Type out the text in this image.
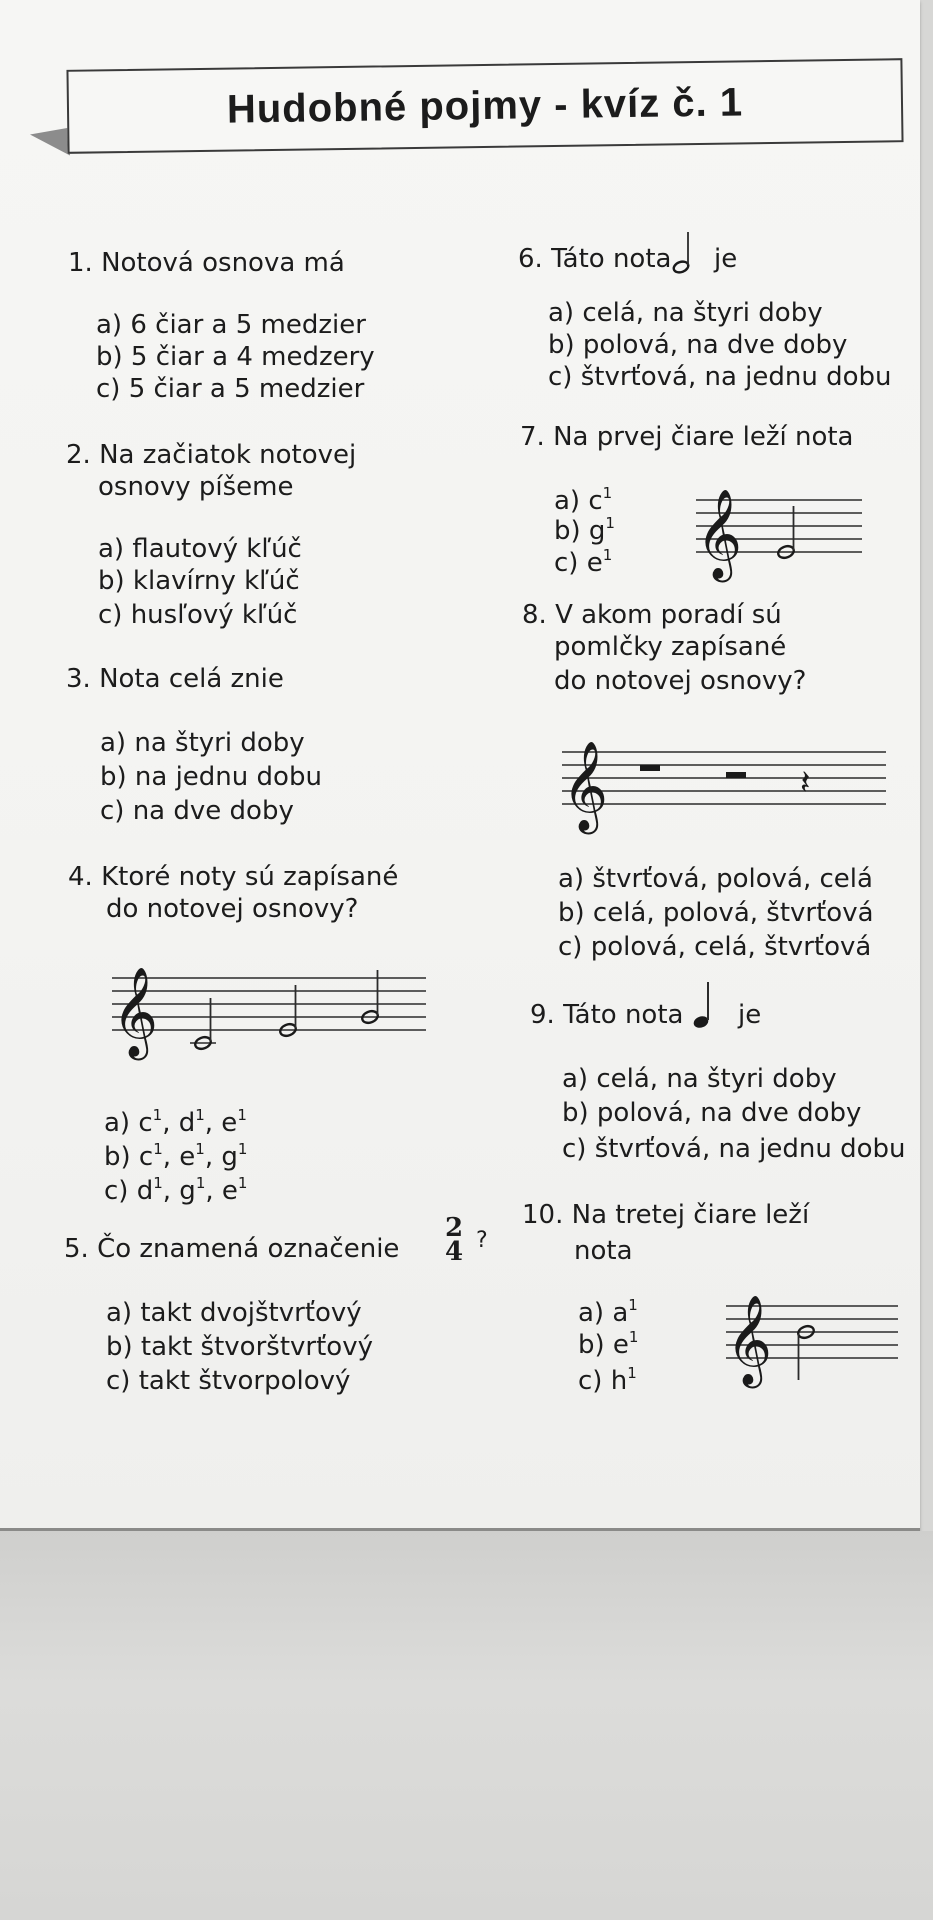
Hudobné pojmy - kvíz č. 1
1. Notová osnova má
a) 6 čiar a 5 medzier
b) 5 čiar a 4 medzery
c) 5 čiar a 5 medzier
2. Na začiatok notovej
osnovy píšeme
a) flautový kľúč
b) klavírny kľúč
c) husľový kľúč
3. Nota celá znie
a) na štyri doby
b) na jednu dobu
c) na dve doby
4. Ktoré noty sú zapísané
do notovej osnovy?
𝄞
a) $c^1$, $d^1$, $e^1$
b) $c^1$, $e^1$, $g^1$
c) $d^1$, $g^1$, $e^1$
5. Čo znamená označenie
2
4 ?
a) takt dvojštvrťový
b) takt štvorštvrťový
c) takt štvorpolový
6. Táto nota je
a) celá, na štyri doby
b) polová, na dve doby
c) štvrťová, na jednu dobu
7. Na prvej čiare leží nota
a) $c^1$
b) $g^1$
c) $e^1$ 𝄞
8. V akom poradí sú
pomlčky zapísané
do notovej osnovy?
𝄞	𝄽
a) štvrťová, polová, celá
b) celá, polová, štvrťová
c) polová, celá, štvrťová
9. Táto nota je
a) celá, na štyri doby
b) polová, na dve doby
c) štvrťová, na jednu dobu
10. Na tretej čiare leží
nota
a) $a^1$
b) $e^1$
c) $h^1$ 𝄞
